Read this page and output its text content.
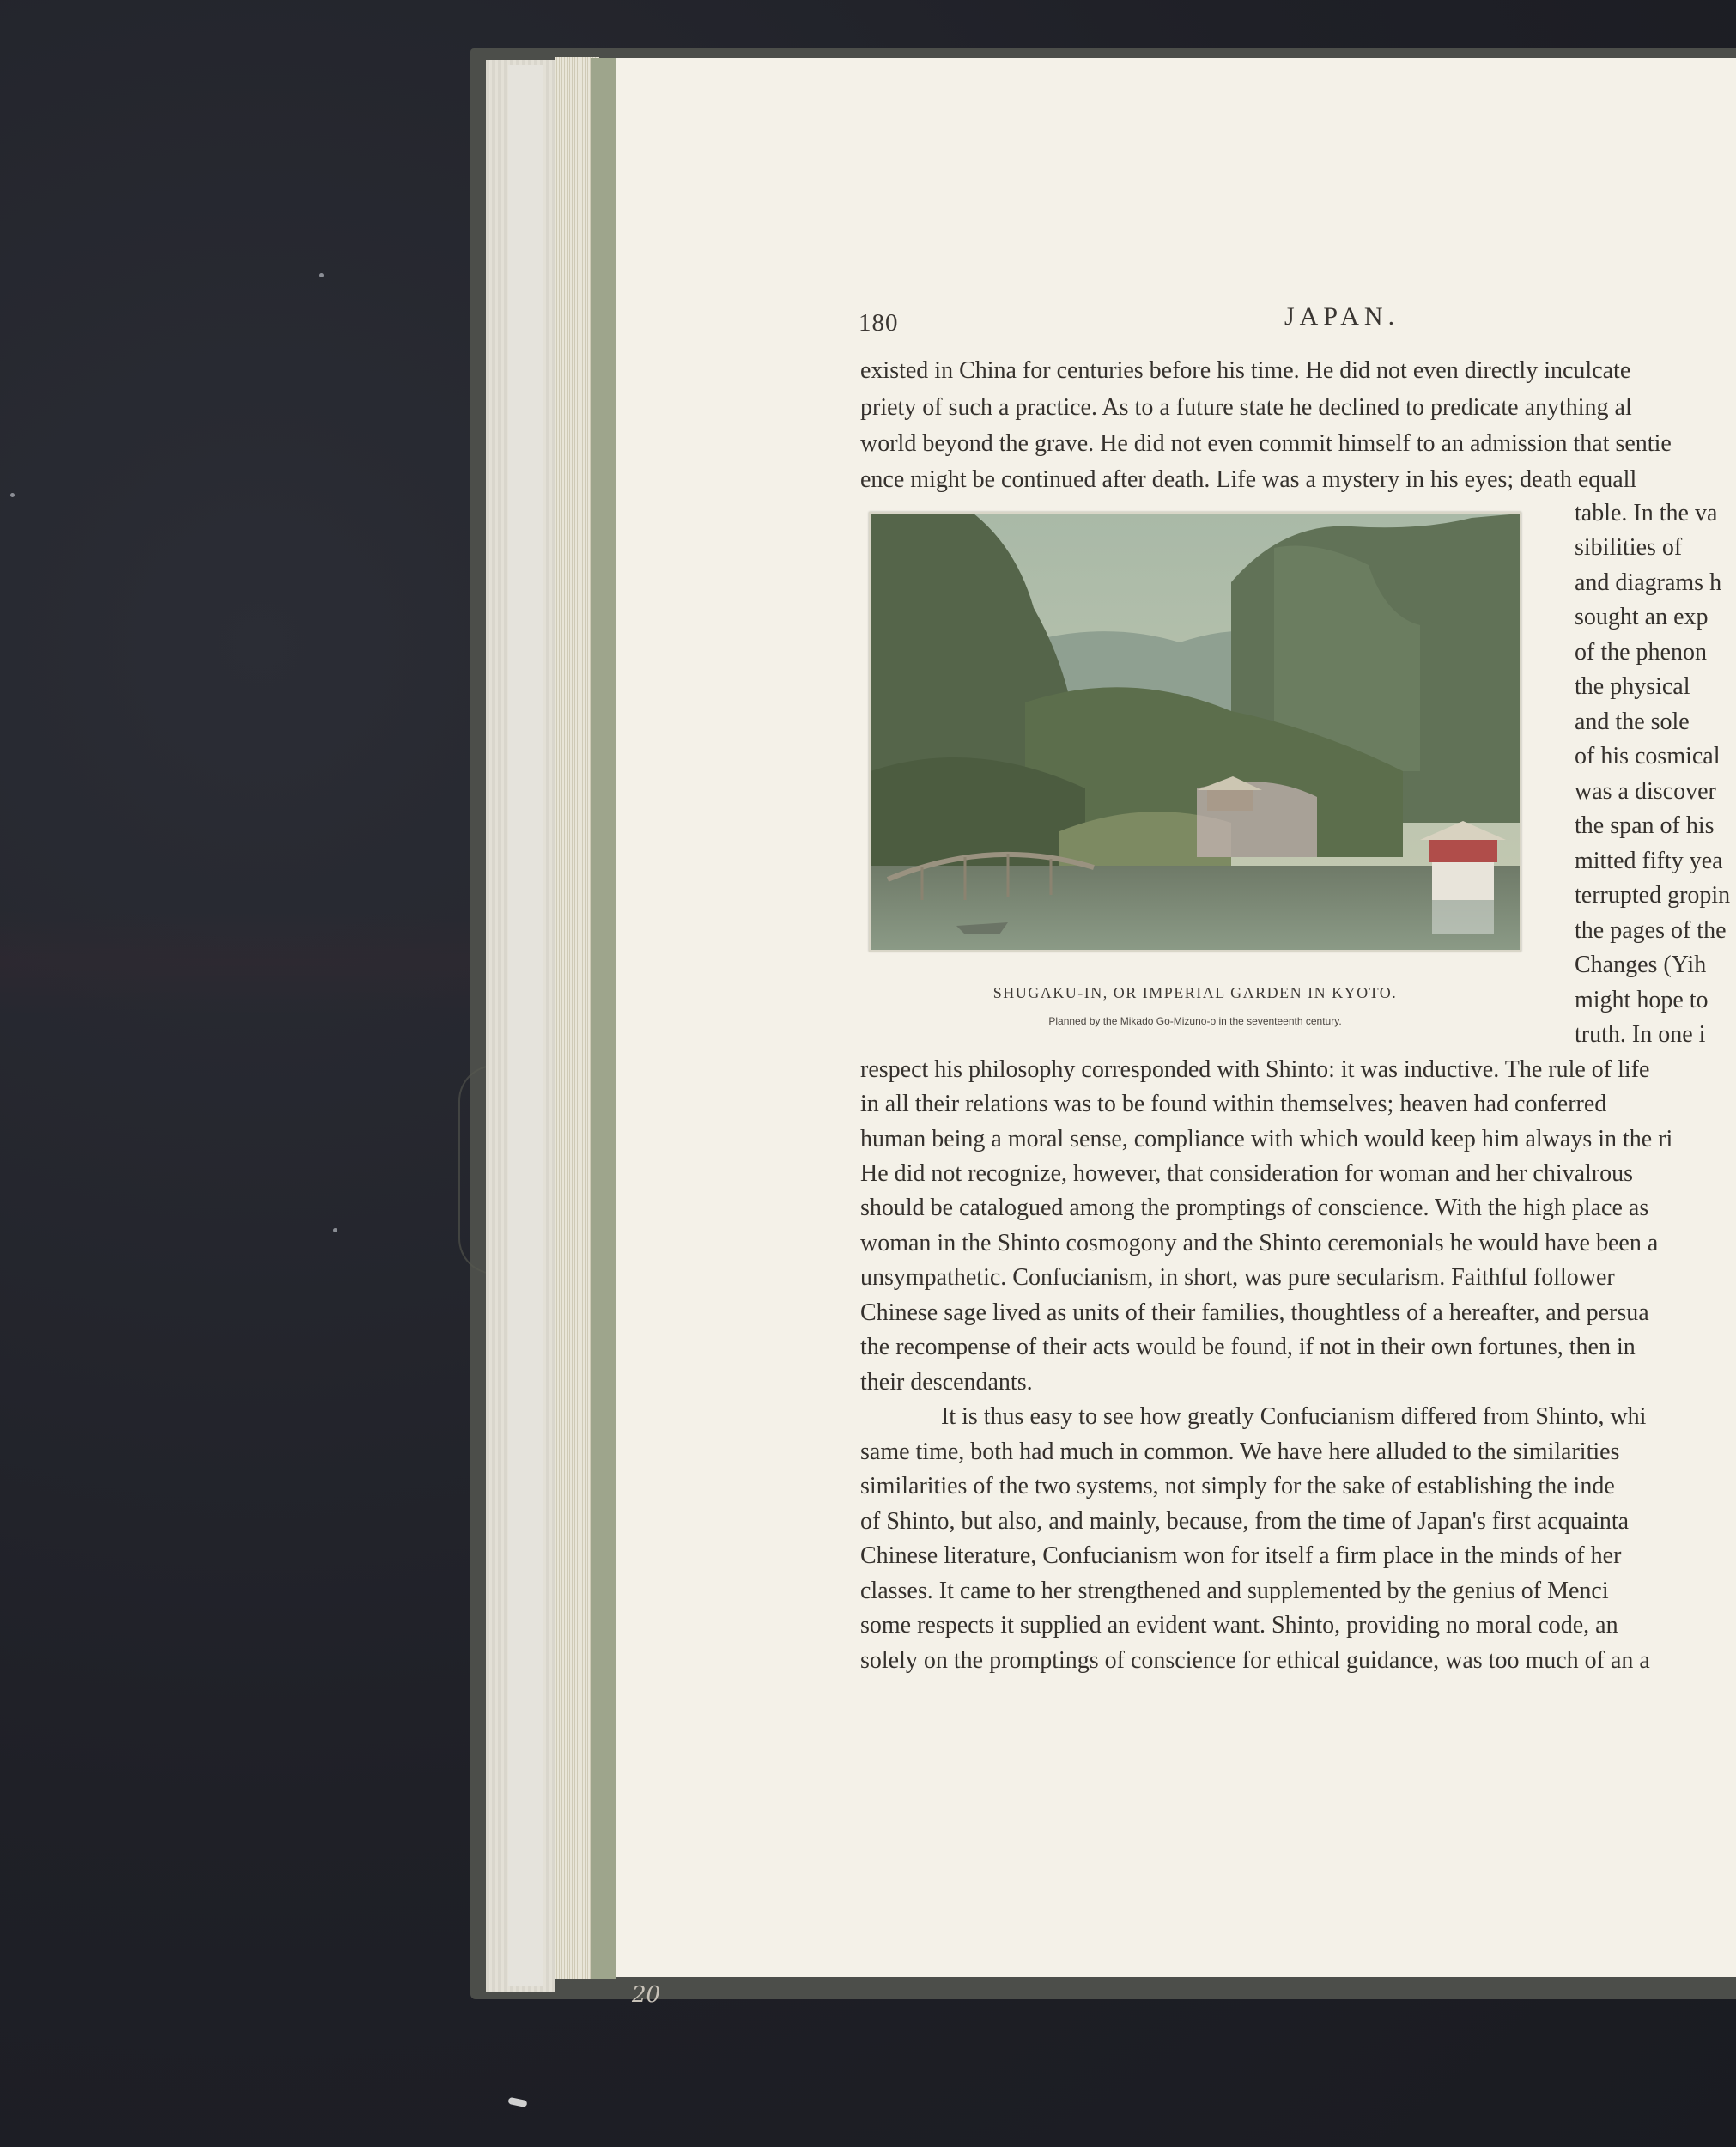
180	JAPAN.
existed in China for centuries before his time. He did not even directly inculcate
priety of such a practice. As to a future state he declined to predicate anything al
world beyond the grave. He did not even commit himself to an admission that sentie
ence might be continued after death. Life was a mystery in his eyes; death equall
SHUGAKU-IN, OR IMPERIAL GARDEN IN KYOTO.
Planned by the Mikado Go-Mizuno-o in the seventeenth century.
table. In the va
sibilities of
and diagrams h
sought an exp
of the phenon
the physical
and the sole
of his cosmical
was a discover
the span of his
mitted fifty yea
terrupted gropin
the pages of the
Changes (Yih
might hope to
truth. In one i
respect his philosophy corresponded with Shinto: it was inductive. The rule of life
in all their relations was to be found within themselves; heaven had conferred
human being a moral sense, compliance with which would keep him always in the ri
He did not recognize, however, that consideration for woman and her chivalrous
should be catalogued among the promptings of conscience. With the high place as
woman in the Shinto cosmogony and the Shinto ceremonials he would have been a
unsympathetic. Confucianism, in short, was pure secularism. Faithful follower
Chinese sage lived as units of their families, thoughtless of a hereafter, and persua
the recompense of their acts would be found, if not in their own fortunes, then in
their descendants.
It is thus easy to see how greatly Confucianism differed from Shinto, whi
same time, both had much in common. We have here alluded to the similarities
similarities of the two systems, not simply for the sake of establishing the inde
of Shinto, but also, and mainly, because, from the time of Japan's first acquainta
Chinese literature, Confucianism won for itself a firm place in the minds of her
classes. It came to her strengthened and supplemented by the genius of Menci
some respects it supplied an evident want. Shinto, providing no moral code, an
solely on the promptings of conscience for ethical guidance, was too much of an a
20
